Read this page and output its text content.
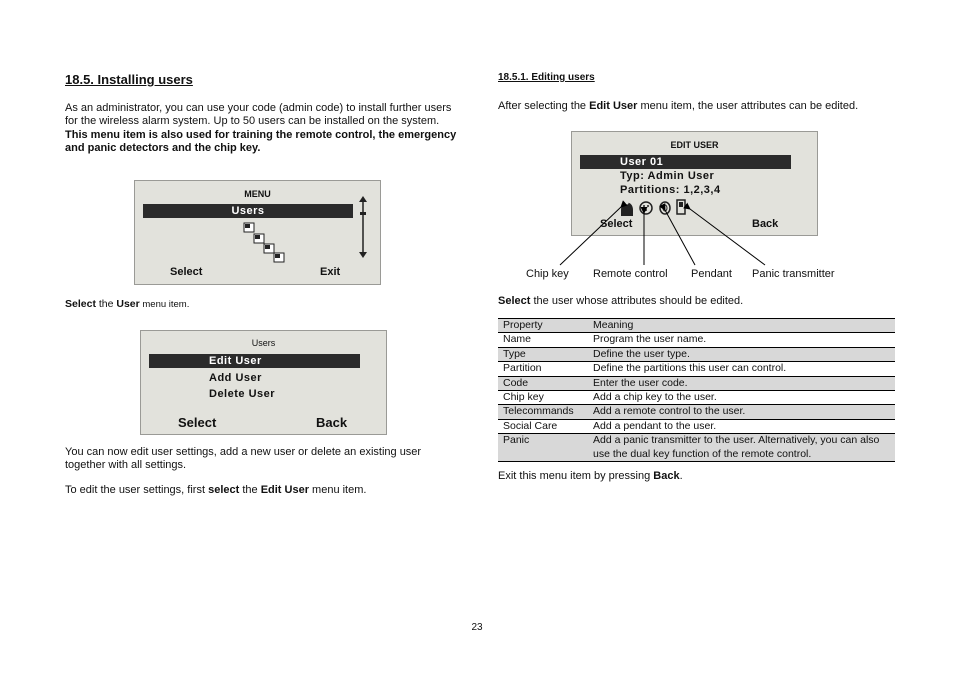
18.5. Installing users
As an administrator, you can use your code (admin code) to install further users for the wireless alarm system. Up to 50 users can be installed on the system. This menu item is also used for training the remote control, the emergency and panic detectors and the chip key.
MENU
Users
Select	Exit
Select the User menu item.
Users
Edit User
Add User
Delete User
Select	Back
You can now edit user settings, add a new user or delete an existing user together with all settings.
To edit the user settings, first select the Edit User menu item.
18.5.1. Editing users
After selecting the Edit User menu item, the user attributes can be edited.
EDIT USER
User 01
Typ: Admin User
Partitions: 1,2,3,4
Select	Back
Chip key Remote control Pendant Panic transmitter
Select the user whose attributes should be edited.
Property	Meaning
Name	Program the user name.
Type	Define the user type.
Partition	Define the partitions this user can control.
Code	Enter the user code.
Chip key	Add a chip key to the user.
Telecommands	Add a remote control to the user.
Social Care	Add a pendant to the user.
Panic	Add a panic transmitter to the user. Alternatively, you can also use the dual key function of the remote control.
Exit this menu item by pressing Back.
23
